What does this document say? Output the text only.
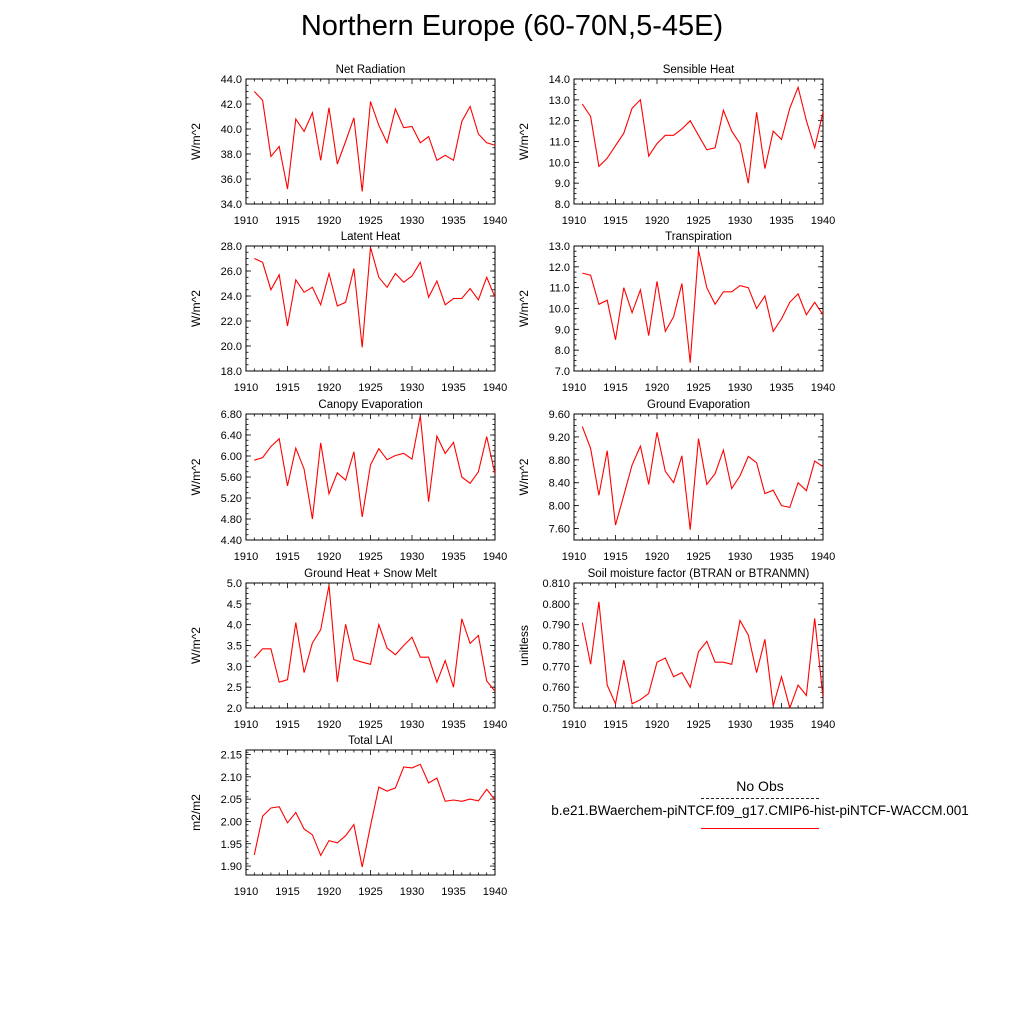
Northern Europe (60-70N,5-45E)
Net Radiation
W/m^2
1910 1915 1920 1925 1930 1935 1940
34.0
36.0
38.0
40.0
42.0
44.0
Sensible Heat
W/m^2
1910 1915 1920 1925 1930 1935 1940
8.0
9.0
10.0
11.0
12.0
13.0
14.0
Latent Heat
W/m^2
1910 1915 1920 1925 1930 1935 1940
18.0
20.0
22.0
24.0
26.0
28.0
Transpiration
W/m^2
1910 1915 1920 1925 1930 1935 1940
7.0
8.0
9.0
10.0
11.0
12.0
13.0
Canopy Evaporation
W/m^2
1910 1915 1920 1925 1930 1935 1940
4.40
4.80
5.20
5.60
6.00
6.40
6.80
Ground Evaporation
W/m^2
1910 1915 1920 1925 1930 1935 1940
7.60
8.00
8.40
8.80
9.20
9.60
Ground Heat + Snow Melt
W/m^2
1910 1915 1920 1925 1930 1935 1940
2.0
2.5
3.0
3.5
4.0
4.5
5.0
Soil moisture factor (BTRAN or BTRANMN)
unitless
1910 1915 1920 1925 1930 1935 1940
0.750
0.760
0.770
0.780
0.790
0.800
0.810
Total LAI
m2/m2
1910 1915 1920 1925 1930 1935 1940
1.90
1.95
2.00
2.05
2.10
2.15
No Obs
b.e21.BWaerchem-piNTCF.f09_g17.CMIP6-hist-piNTCF-WACCM.001
